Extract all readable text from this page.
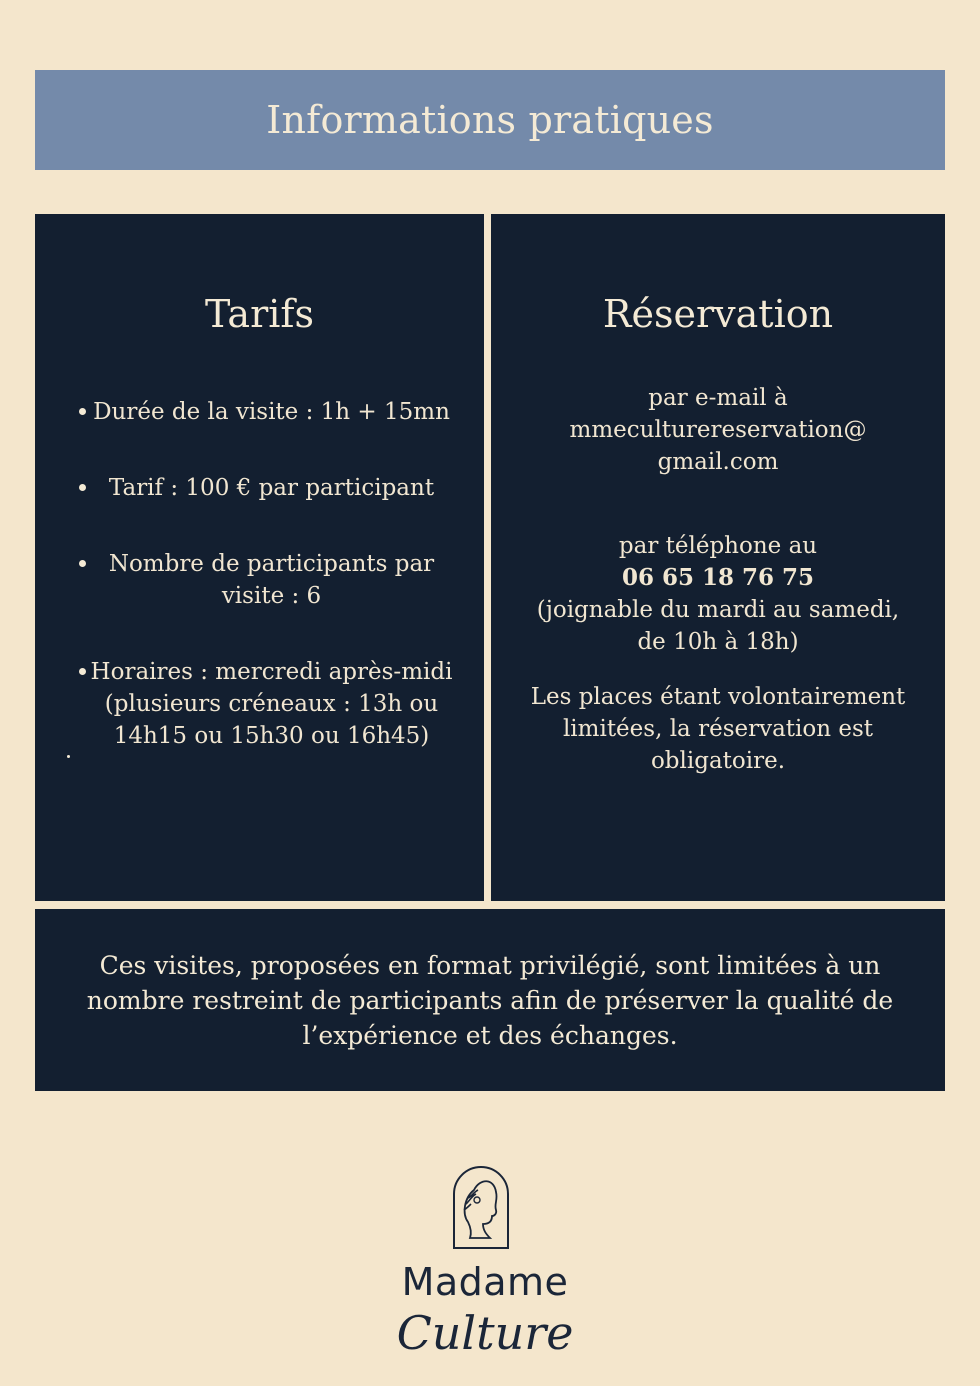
Informations pratiques
Tarifs
Durée de la visite : 1h + 15mn
Tarif : 100 € par participant
Nombre de participants par visite : 6
Horaires : mercredi après-midi (plusieurs créneaux : 13h ou 14h15 ou 15h30 ou 16h45)
Réservation

par e-mail à
mmeculturereservation@
gmail.com

par téléphone au
06 65 18 76 75
(joignable du mardi au samedi,
de 10h à 18h)

Les places étant volontairement
limitées, la réservation est
obligatoire.

Ces visites, proposées en format privilégié, sont limitées à un nombre restreint de participants afin de préserver la qualité de l’expérience et des échanges.

Madame
Culture
